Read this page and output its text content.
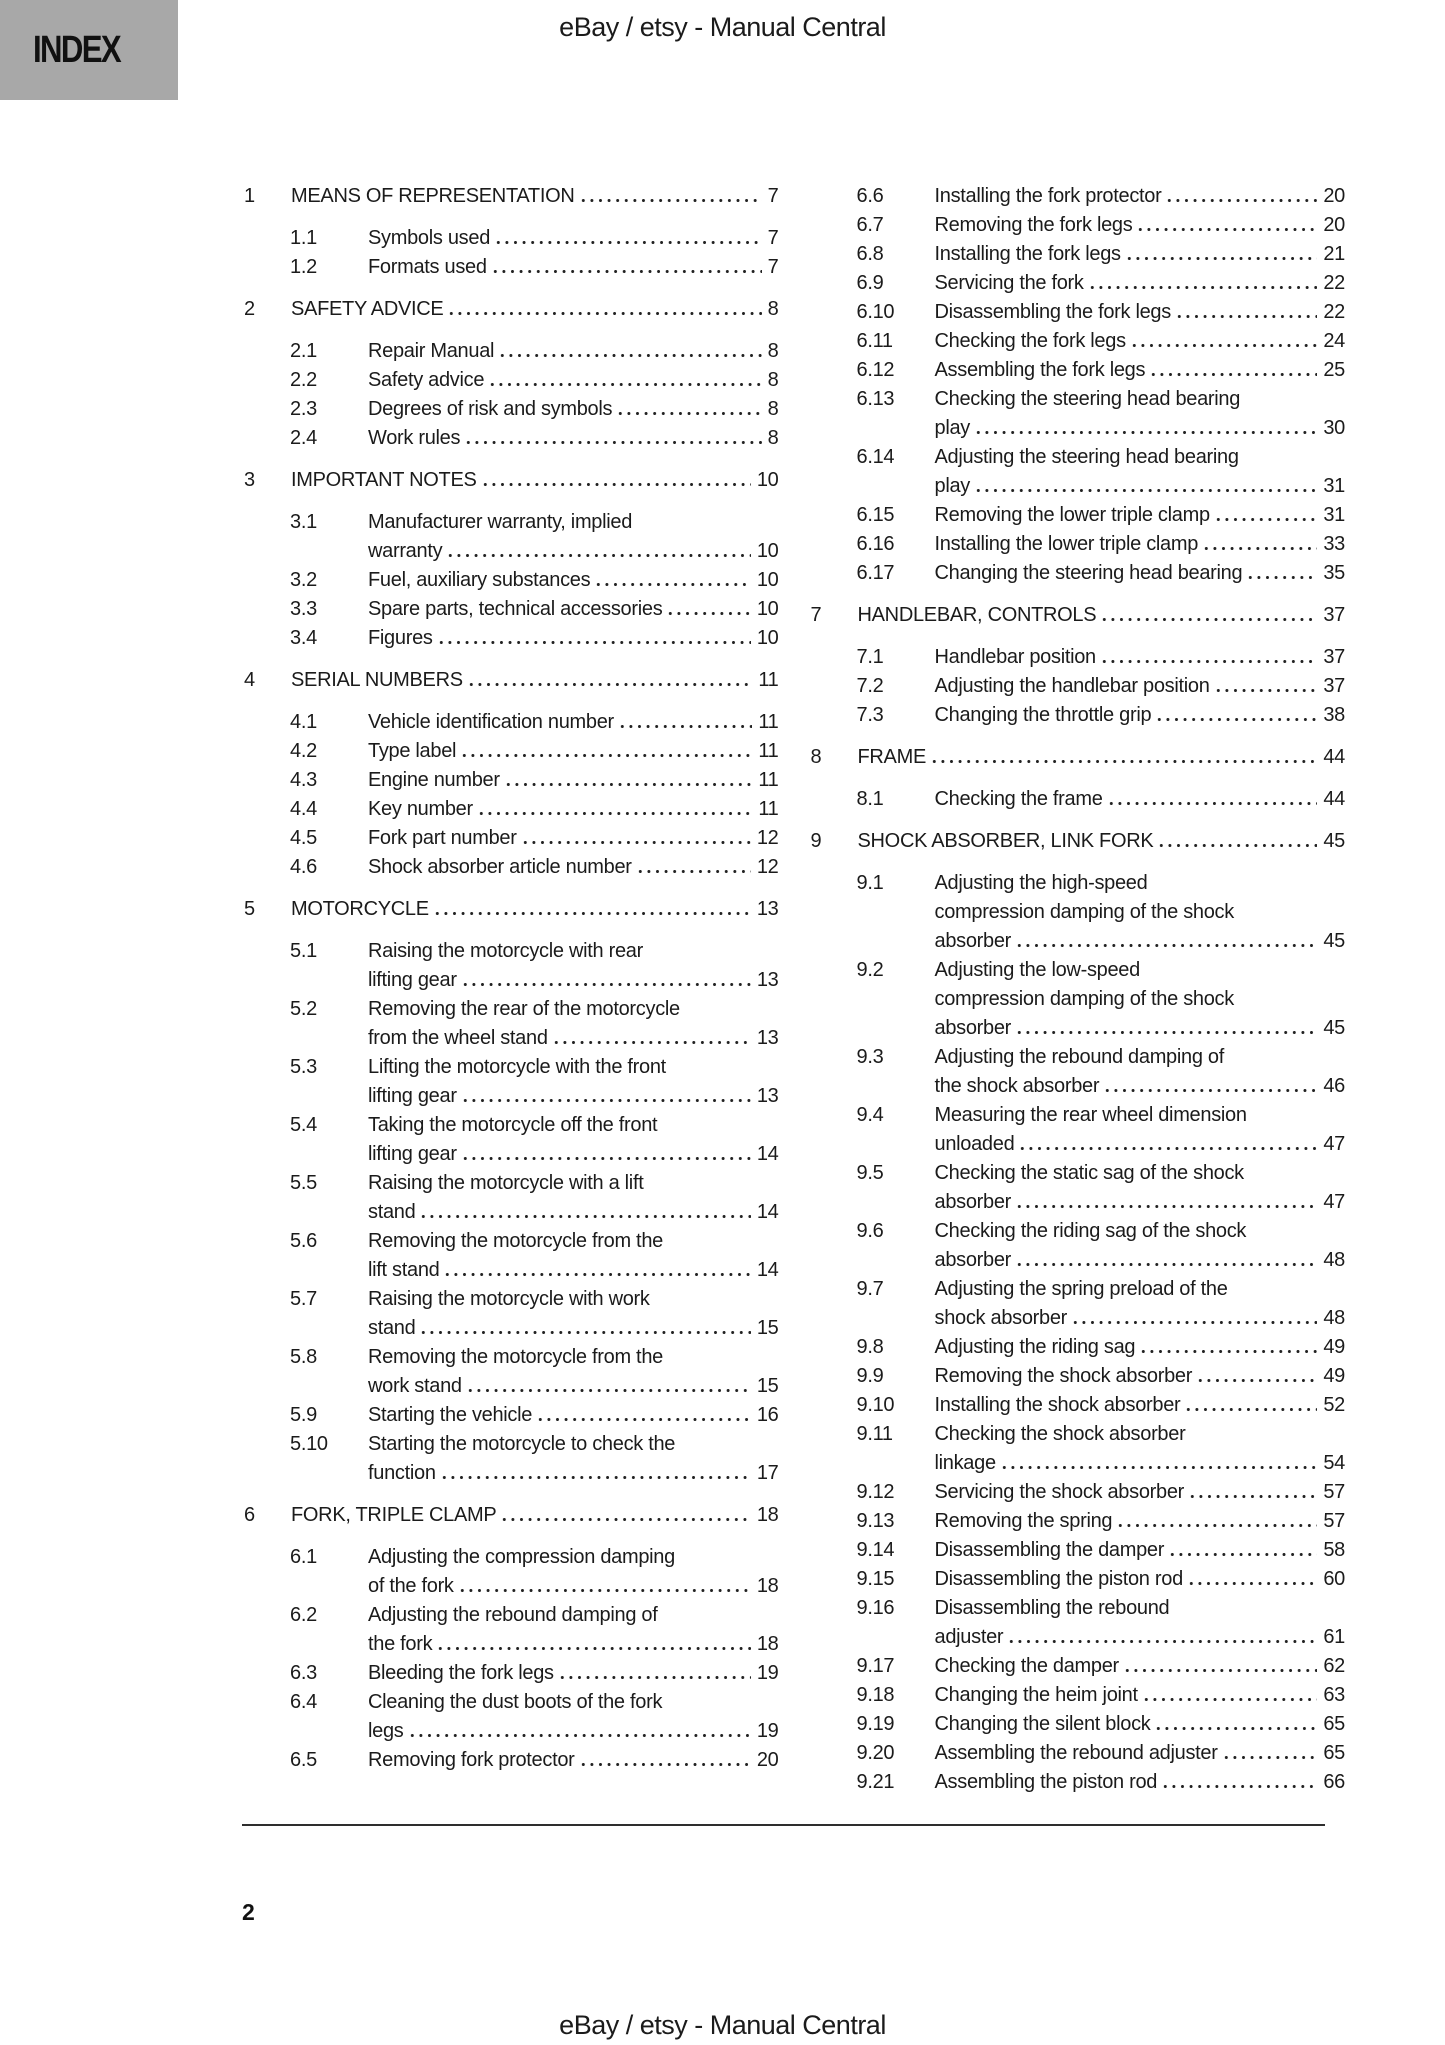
INDEX
eBay / etsy - Manual Central
1	MEANS OF REPRESENTATION	7
1.1	Symbols used	7
1.2	Formats used	7
2	SAFETY ADVICE	8
2.1	Repair Manual	8
2.2	Safety advice	8
2.3	Degrees of risk and symbols	8
2.4	Work rules	8
3	IMPORTANT NOTES	10
3.1	Manufacturer warranty, implied
warranty	10
3.2	Fuel, auxiliary substances	10
3.3	Spare parts, technical accessories	10
3.4	Figures	10
4	SERIAL NUMBERS	11
4.1	Vehicle identification number	11
4.2	Type label	11
4.3	Engine number	11
4.4	Key number	11
4.5	Fork part number	12
4.6	Shock absorber article number	12
5	MOTORCYCLE	13
5.1	Raising the motorcycle with rear
lifting gear	13
5.2	Removing the rear of the motorcycle
from the wheel stand	13
5.3	Lifting the motorcycle with the front
lifting gear	13
5.4	Taking the motorcycle off the front
lifting gear	14
5.5	Raising the motorcycle with a lift
stand	14
5.6	Removing the motorcycle from the
lift stand	14
5.7	Raising the motorcycle with work
stand	15
5.8	Removing the motorcycle from the
work stand	15
5.9	Starting the vehicle	16
5.10	Starting the motorcycle to check the
function	17
6	FORK, TRIPLE CLAMP	18
6.1	Adjusting the compression damping
of the fork	18
6.2	Adjusting the rebound damping of
the fork	18
6.3	Bleeding the fork legs	19
6.4	Cleaning the dust boots of the fork
legs	19
6.5	Removing fork protector	20
6.6	Installing the fork protector	20
6.7	Removing the fork legs	20
6.8	Installing the fork legs	21
6.9	Servicing the fork	22
6.10	Disassembling the fork legs	22
6.11	Checking the fork legs	24
6.12	Assembling the fork legs	25
6.13	Checking the steering head bearing
play	30
6.14	Adjusting the steering head bearing
play	31
6.15	Removing the lower triple clamp	31
6.16	Installing the lower triple clamp	33
6.17	Changing the steering head bearing	35
7	HANDLEBAR, CONTROLS	37
7.1	Handlebar position	37
7.2	Adjusting the handlebar position	37
7.3	Changing the throttle grip	38
8	FRAME	44
8.1	Checking the frame	44
9	SHOCK ABSORBER, LINK FORK	45
9.1	Adjusting the high-speed
compression damping of the shock
absorber	45
9.2	Adjusting the low-speed
compression damping of the shock
absorber	45
9.3	Adjusting the rebound damping of
the shock absorber	46
9.4	Measuring the rear wheel dimension
unloaded	47
9.5	Checking the static sag of the shock
absorber	47
9.6	Checking the riding sag of the shock
absorber	48
9.7	Adjusting the spring preload of the
shock absorber	48
9.8	Adjusting the riding sag	49
9.9	Removing the shock absorber	49
9.10	Installing the shock absorber	52
9.11	Checking the shock absorber
linkage	54
9.12	Servicing the shock absorber	57
9.13	Removing the spring	57
9.14	Disassembling the damper	58
9.15	Disassembling the piston rod	60
9.16	Disassembling the rebound
adjuster	61
9.17	Checking the damper	62
9.18	Changing the heim joint	63
9.19	Changing the silent block	65
9.20	Assembling the rebound adjuster	65
9.21	Assembling the piston rod	66
2
eBay / etsy - Manual Central
